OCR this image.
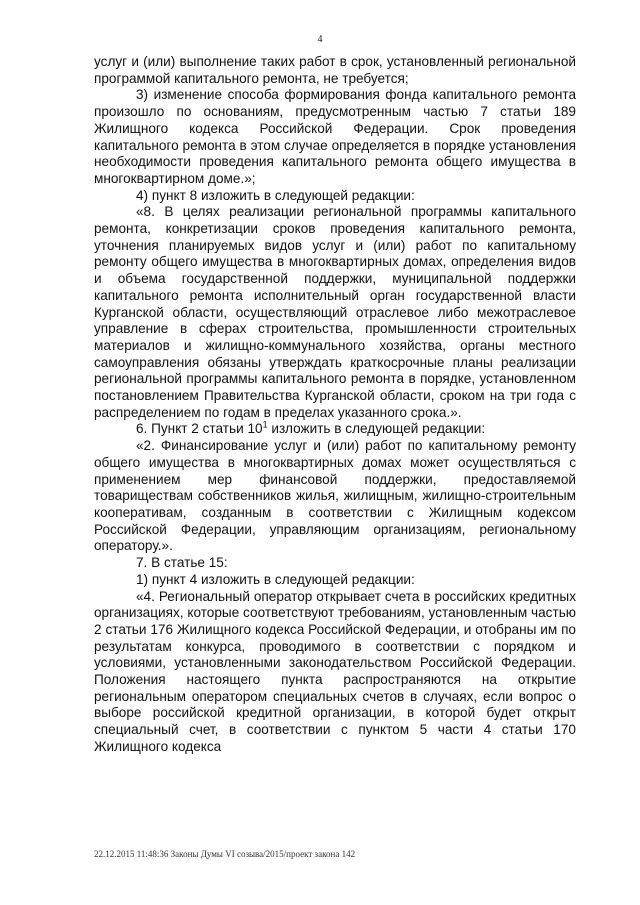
4

услуг и (или) выполнение таких работ в срок, установленный региональной программой капитального ремонта, не требуется;

3) изменение способа формирования фонда капитального ремонта произошло по основаниям, предусмотренным частью 7 статьи 189 Жилищного кодекса Российской Федерации. Срок проведения капитального ремонта в этом случае определяется в порядке установления необходимости проведения капитального ремонта общего имущества в многоквартирном доме.»;

4) пункт 8 изложить в следующей редакции:

«8. В целях реализации региональной программы капитального ремонта, конкретизации сроков проведения капитального ремонта, уточнения планируемых видов услуг и (или) работ по капитальному ремонту общего имущества в многоквартирных домах, определения видов и объема государственной поддержки, муниципальной поддержки капитального ремонта исполнительный орган государственной власти Курганской области, осуществляющий отраслевое либо межотраслевое управление в сферах строительства, промышленности строительных материалов и жилищно-коммунального хозяйства, органы местного самоуправления обязаны утверждать краткосрочные планы реализации региональной программы капитального ремонта в порядке, установленном постановлением Правительства Курганской области, сроком на три года с распределением по годам в пределах указанного срока.».

6. Пункт 2 статьи $10^1$ изложить в следующей редакции:

«2. Финансирование услуг и (или) работ по капитальному ремонту общего имущества в многоквартирных домах может осуществляться с применением мер финансовой поддержки, предоставляемой товариществам собственников жилья, жилищным, жилищно-строительным кооперативам, созданным в соответствии с Жилищным кодексом Российской Федерации, управляющим организациям, региональному оператору.».

7. В статье 15:

1) пункт 4 изложить в следующей редакции:

«4. Региональный оператор открывает счета в российских кредитных организациях, которые соответствуют требованиям, установленным частью 2 статьи 176 Жилищного кодекса Российской Федерации, и отобраны им по результатам конкурса, проводимого в соответствии с порядком и условиями, установленными законодательством Российской Федерации. Положения настоящего пункта распространяются на открытие региональным оператором специальных счетов в случаях, если вопрос о выборе российской кредитной организации, в которой будет открыт специальный счет, в соответствии с пунктом 5 части 4 статьи 170 Жилищного кодекса

22.12.2015 11:48:36 Законы Думы VI созыва/2015/проект закона 142
